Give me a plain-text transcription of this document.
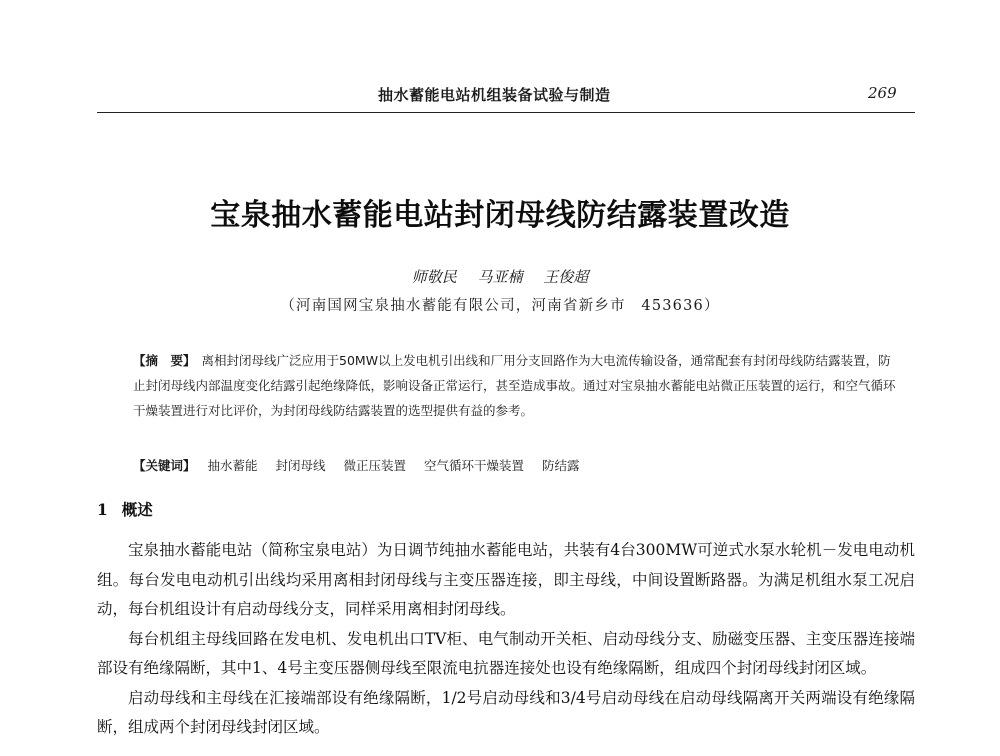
抽水蓄能电站机组装备试验与制造	269
宝泉抽水蓄能电站封闭母线防结露装置改造
师敬民 马亚楠 王俊超
（河南国网宝泉抽水蓄能有限公司，河南省新乡市　453636）
【摘　要】 离相封闭母线广泛应用于50MW以上发电机引出线和厂用分支回路作为大电流传输设备，通常配套有封闭母线防结露装置，防止封闭母线内部温度变化结露引起绝缘降低，影响设备正常运行，甚至造成事故。通过对宝泉抽水蓄能电站微正压装置的运行，和空气循环干燥装置进行对比评价，为封闭母线防结露装置的选型提供有益的参考。
【关键词】 抽水蓄能 封闭母线 微正压装置 空气循环干燥装置 防结露
1 概述

宝泉抽水蓄能电站（简称宝泉电站）为日调节纯抽水蓄能电站，共装有4台300MW可逆式水泵水轮机－发电电动机组。每台发电电动机引出线均采用离相封闭母线与主变压器连接，即主母线，中间设置断路器。为满足机组水泵工况启动，每台机组设计有启动母线分支，同样采用离相封闭母线。

每台机组主母线回路在发电机、发电机出口TV柜、电气制动开关柜、启动母线分支、励磁变压器、主变压器连接端部设有绝缘隔断，其中1、4号主变压器侧母线至限流电抗器连接处也设有绝缘隔断，组成四个封闭母线封闭区域。

启动母线和主母线在汇接端部设有绝缘隔断，1/2号启动母线和3/4号启动母线在启动母线隔离开关两端设有绝缘隔断，组成两个封闭母线封闭区域。
